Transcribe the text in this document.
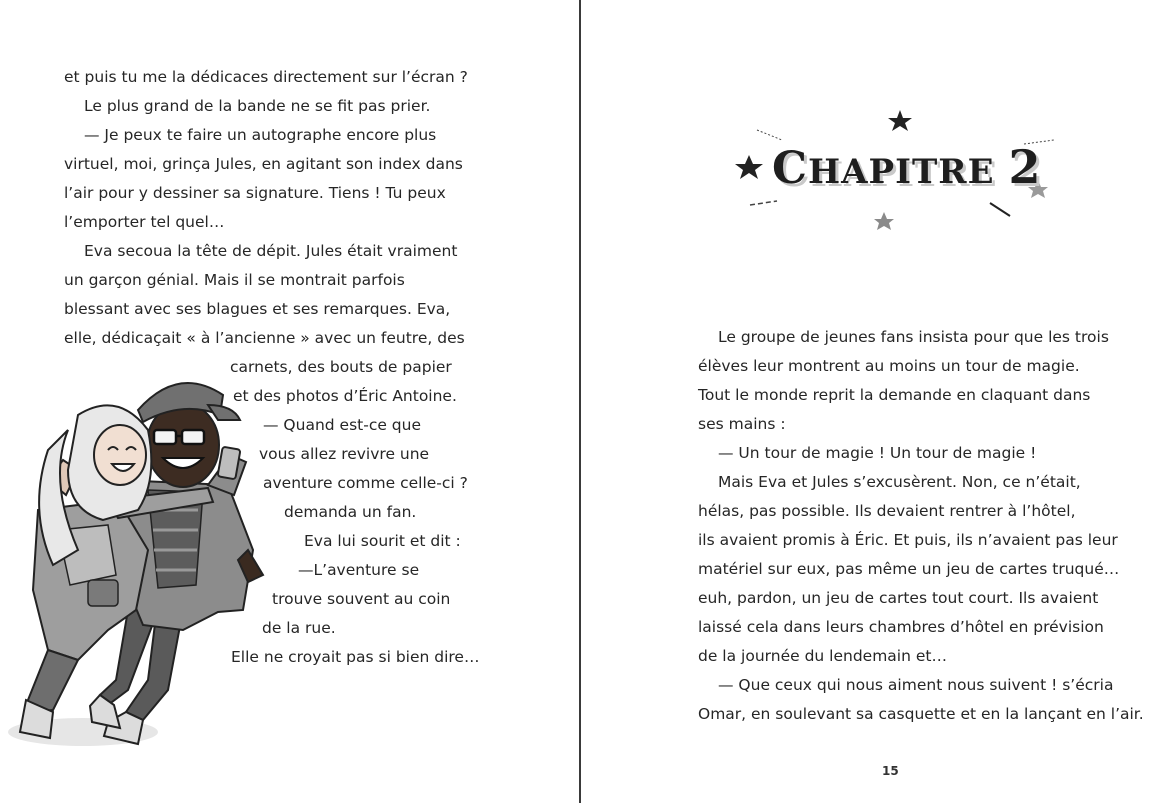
et puis tu me la dédicaces directement sur l’écran ?
Le plus grand de la bande ne se fit pas prier.
— Je peux te faire un autographe encore plus
virtuel, moi, grinça Jules, en agitant son index dans
l’air pour y dessiner sa signature. Tiens ! Tu peux
l’emporter tel quel…
Eva secoua la tête de dépit. Jules était vraiment
un garçon génial. Mais il se montrait parfois
blessant avec ses blagues et ses remarques. Eva,
elle, dédicaçait « à l’ancienne » avec un feutre, des
carnets, des bouts de papier
et des photos d’Éric Antoine.
— Quand est-ce que
vous allez revivre une
aventure comme celle-ci ?
demanda un fan.
Eva lui sourit et dit :
—L’aventure se
trouve souvent au coin
de la rue.
Elle ne croyait pas si bien dire…
CHAPITRE 2
Le groupe de jeunes fans insista pour que les trois
élèves leur montrent au moins un tour de magie.
Tout le monde reprit la demande en claquant dans
ses mains :
— Un tour de magie ! Un tour de magie !
Mais Eva et Jules s’excusèrent. Non, ce n’était,
hélas, pas possible. Ils devaient rentrer à l’hôtel,
ils avaient promis à Éric. Et puis, ils n’avaient pas leur
matériel sur eux, pas même un jeu de cartes truqué…
euh, pardon, un jeu de cartes tout court. Ils avaient
laissé cela dans leurs chambres d’hôtel en prévision
de la journée du lendemain et…
— Que ceux qui nous aiment nous suivent ! s’écria
Omar, en soulevant sa casquette et en la lançant en l’air.
15
